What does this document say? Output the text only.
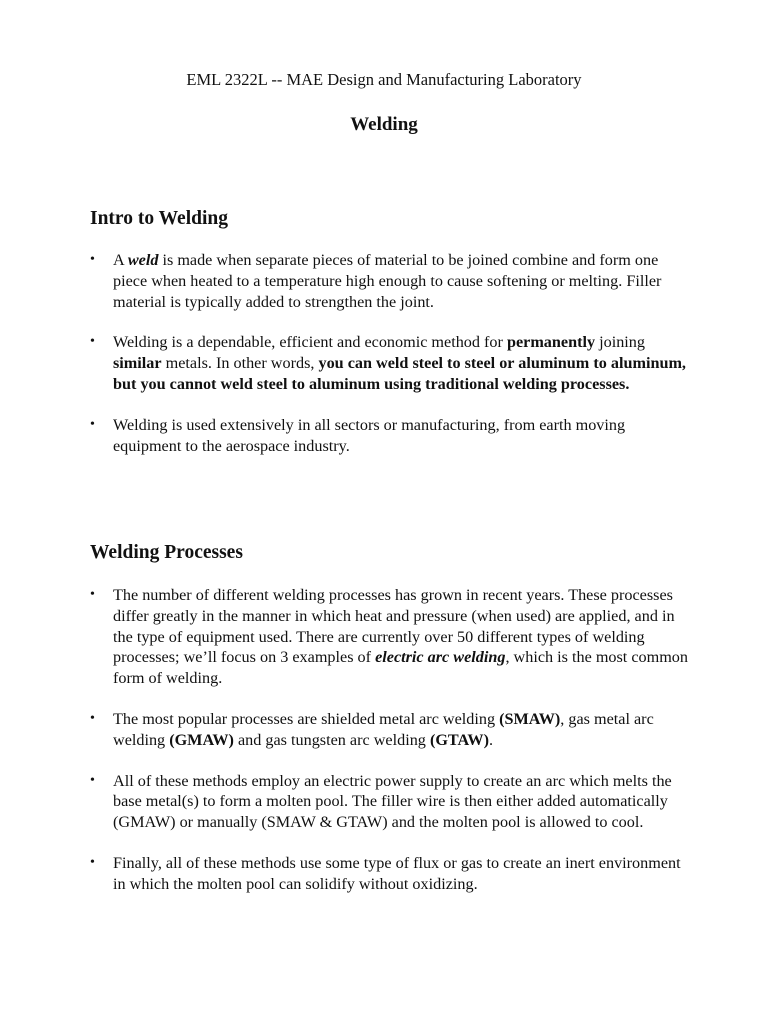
EML 2322L -- MAE Design and Manufacturing Laboratory
Welding
Intro to Welding
•	A weld is made when separate pieces of material to be joined combine and form one piece when heated to a temperature high enough to cause softening or melting. Filler material is typically added to strengthen the joint.
•	Welding is a dependable, efficient and economic method for permanently joining similar metals. In other words, you can weld steel to steel or aluminum to aluminum, but you cannot weld steel to aluminum using traditional welding processes.
•	Welding is used extensively in all sectors or manufacturing, from earth moving equipment to the aerospace industry.
Welding Processes
•	The number of different welding processes has grown in recent years. These processes differ greatly in the manner in which heat and pressure (when used) are applied, and in the type of equipment used. There are currently over 50 different types of welding processes; we’ll focus on 3 examples of electric arc welding, which is the most common form of welding.
•	The most popular processes are shielded metal arc welding (SMAW), gas metal arc welding (GMAW) and gas tungsten arc welding (GTAW).
•	All of these methods employ an electric power supply to create an arc which melts the base metal(s) to form a molten pool. The filler wire is then either added automatically (GMAW) or manually (SMAW & GTAW) and the molten pool is allowed to cool.
•	Finally, all of these methods use some type of flux or gas to create an inert environment in which the molten pool can solidify without oxidizing.
